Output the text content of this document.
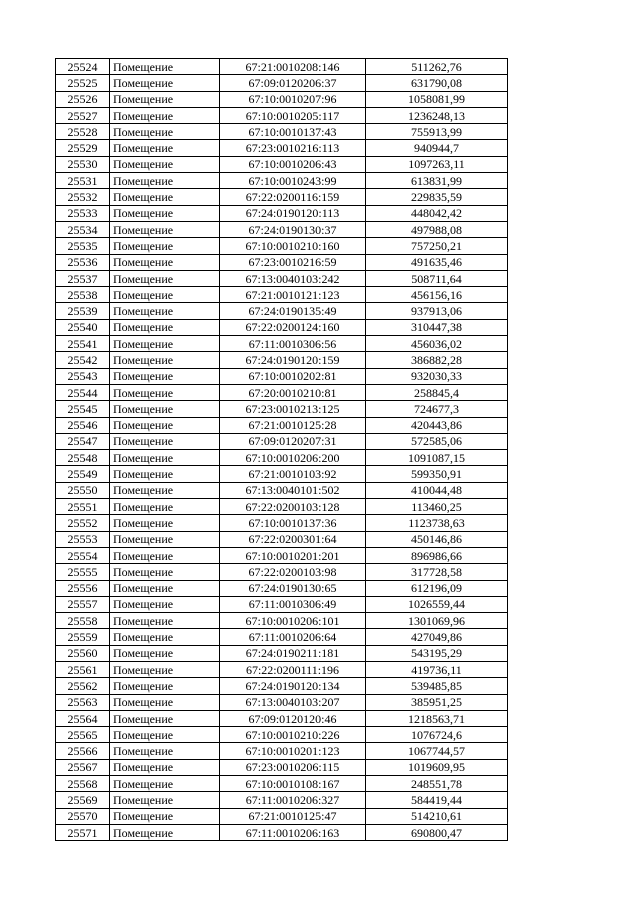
25524	Помещение	67:21:0010208:146	511262,76
25525	Помещение	67:09:0120206:37	631790,08
25526	Помещение	67:10:0010207:96	1058081,99
25527	Помещение	67:10:0010205:117	1236248,13
25528	Помещение	67:10:0010137:43	755913,99
25529	Помещение	67:23:0010216:113	940944,7
25530	Помещение	67:10:0010206:43	1097263,11
25531	Помещение	67:10:0010243:99	613831,99
25532	Помещение	67:22:0200116:159	229835,59
25533	Помещение	67:24:0190120:113	448042,42
25534	Помещение	67:24:0190130:37	497988,08
25535	Помещение	67:10:0010210:160	757250,21
25536	Помещение	67:23:0010216:59	491635,46
25537	Помещение	67:13:0040103:242	508711,64
25538	Помещение	67:21:0010121:123	456156,16
25539	Помещение	67:24:0190135:49	937913,06
25540	Помещение	67:22:0200124:160	310447,38
25541	Помещение	67:11:0010306:56	456036,02
25542	Помещение	67:24:0190120:159	386882,28
25543	Помещение	67:10:0010202:81	932030,33
25544	Помещение	67:20:0010210:81	258845,4
25545	Помещение	67:23:0010213:125	724677,3
25546	Помещение	67:21:0010125:28	420443,86
25547	Помещение	67:09:0120207:31	572585,06
25548	Помещение	67:10:0010206:200	1091087,15
25549	Помещение	67:21:0010103:92	599350,91
25550	Помещение	67:13:0040101:502	410044,48
25551	Помещение	67:22:0200103:128	113460,25
25552	Помещение	67:10:0010137:36	1123738,63
25553	Помещение	67:22:0200301:64	450146,86
25554	Помещение	67:10:0010201:201	896986,66
25555	Помещение	67:22:0200103:98	317728,58
25556	Помещение	67:24:0190130:65	612196,09
25557	Помещение	67:11:0010306:49	1026559,44
25558	Помещение	67:10:0010206:101	1301069,96
25559	Помещение	67:11:0010206:64	427049,86
25560	Помещение	67:24:0190211:181	543195,29
25561	Помещение	67:22:0200111:196	419736,11
25562	Помещение	67:24:0190120:134	539485,85
25563	Помещение	67:13:0040103:207	385951,25
25564	Помещение	67:09:0120120:46	1218563,71
25565	Помещение	67:10:0010210:226	1076724,6
25566	Помещение	67:10:0010201:123	1067744,57
25567	Помещение	67:23:0010206:115	1019609,95
25568	Помещение	67:10:0010108:167	248551,78
25569	Помещение	67:11:0010206:327	584419,44
25570	Помещение	67:21:0010125:47	514210,61
25571	Помещение	67:11:0010206:163	690800,47
